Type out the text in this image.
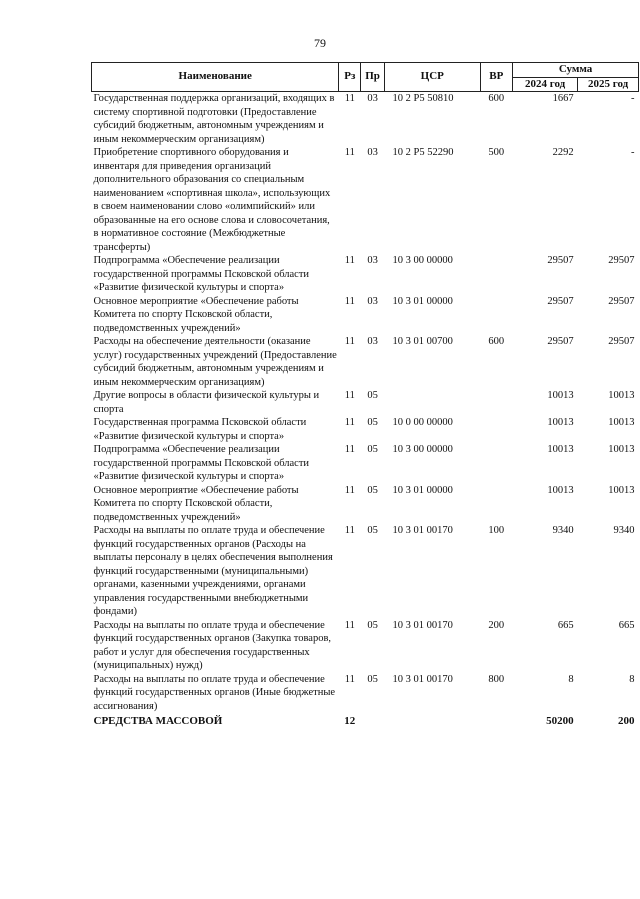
79
Наименование	Рз	Пр	ЦСР	ВР	Сумма	
					2024 год	2025 год
Государственная поддержка организаций, входящих в систему спортивной подготовки (Предоставление субсидий бюджетным, автономным учреждениям и иным некоммерческим организациям)	11	03	10 2 Р5 50810	600	1667	-
Приобретение спортивного оборудования и инвентаря для приведения организаций дополнительного образования со специальным наименованием «спортивная школа», использующих в своем наименовании слово «олимпийский» или образованные на его основе слова и словосочетания, в нормативное состояние (Межбюджетные трансферты)	11	03	10 2 Р5 52290	500	2292	-
Подпрограмма «Обеспечение реализации государственной программы Псковской области «Развитие физической культуры и спорта»	11	03	10 3 00 00000		29507	29507
Основное мероприятие «Обеспечение работы Комитета по спорту Псковской области, подведомственных учреждений»	11	03	10 3 01 00000		29507	29507
Расходы на обеспечение деятельности (оказание услуг) государственных учреждений (Предоставление субсидий бюджетным, автономным учреждениям и иным некоммерческим организациям)	11	03	10 3 01 00700	600	29507	29507
Другие вопросы в области физической культуры и спорта	11	05			10013	10013
Государственная программа Псковской области «Развитие физической культуры и спорта»	11	05	10 0 00 00000		10013	10013
Подпрограмма «Обеспечение реализации государственной программы Псковской области «Развитие физической культуры и спорта»	11	05	10 3 00 00000		10013	10013
Основное мероприятие «Обеспечение работы Комитета по спорту Псковской области, подведомственных учреждений»	11	05	10 3 01 00000		10013	10013
Расходы на выплаты по оплате труда и обеспечение функций государственных органов (Расходы на выплаты персоналу в целях обеспечения выполнения функций государственными (муниципальными) органами, казенными учреждениями, органами управления государственными внебюджетными фондами)	11	05	10 3 01 00170	100	9340	9340
Расходы на выплаты по оплате труда и обеспечение функций государственных органов (Закупка товаров, работ и услуг для обеспечения государственных (муниципальных) нужд)	11	05	10 3 01 00170	200	665	665
Расходы на выплаты по оплате труда и обеспечение функций государственных органов (Иные бюджетные ассигнования)	11	05	10 3 01 00170	800	8	8
СРЕДСТВА МАССОВОЙ	12				50200	200
